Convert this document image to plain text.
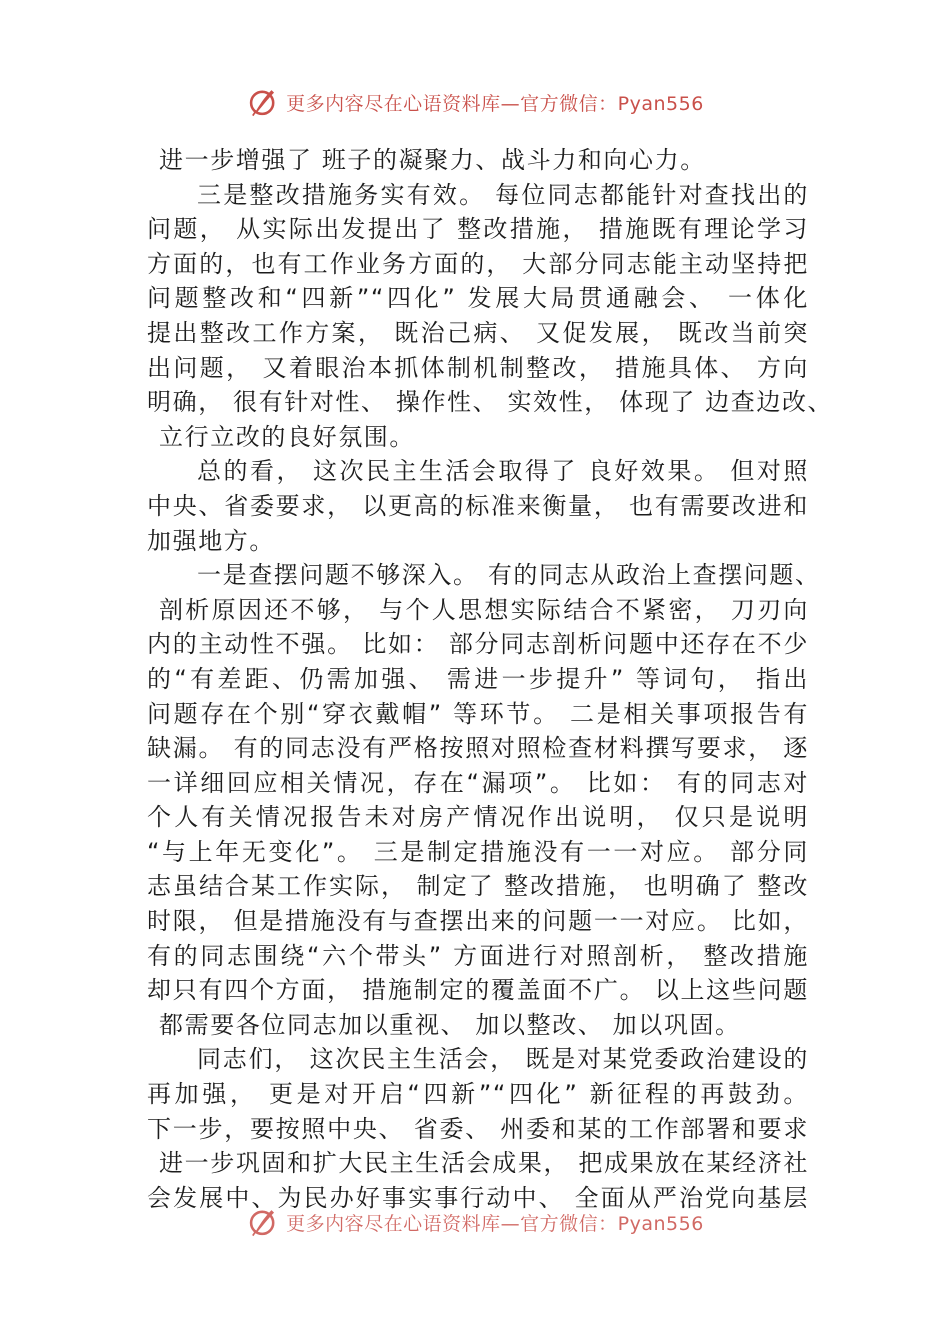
更多内容尽在心语资料库—官方微信：Pyan556
进一步增强了 班子的凝聚力、战斗力和向心力。
三是整改措施务实有效。 每位同志都能针对查找出的
问题， 从实际出发提出了 整改措施， 措施既有理论学习
方面的，也有工作业务方面的， 大部分同志能主动坚持把
问题整改和“四新”“四化” 发展大局贯通融会、 一体化
提出整改工作方案， 既治己病、 又促发展， 既改当前突
出问题， 又着眼治本抓体制机制整改， 措施具体、 方向
明确， 很有针对性、 操作性、 实效性， 体现了 边查边改、
立行立改的良好氛围。
总的看， 这次民主生活会取得了 良好效果。 但对照
中央、省委要求， 以更高的标准来衡量， 也有需要改进和
加强地方。
一是查摆问题不够深入。 有的同志从政治上查摆问题、
剖析原因还不够， 与个人思想实际结合不紧密， 刀刃向
内的主动性不强。 比如： 部分同志剖析问题中还存在不少
的“有差距、仍需加强、 需进一步提升” 等词句， 指出
问题存在个别“穿衣戴帽” 等环节。 二是相关事项报告有
缺漏。 有的同志没有严格按照对照检查材料撰写要求， 逐
一详细回应相关情况，存在“漏项”。 比如： 有的同志对
个人有关情况报告未对房产情况作出说明， 仅只是说明
“与上年无变化”。 三是制定措施没有一一对应。 部分同
志虽结合某工作实际， 制定了 整改措施， 也明确了 整改
时限， 但是措施没有与查摆出来的问题一一对应。 比如，
有的同志围绕“六个带头” 方面进行对照剖析， 整改措施
却只有四个方面， 措施制定的覆盖面不广。 以上这些问题
都需要各位同志加以重视、 加以整改、 加以巩固。
同志们， 这次民主生活会， 既是对某党委政治建设的
再加强， 更是对开启“四新”“四化” 新征程的再鼓劲。
下一步，要按照中央、 省委、 州委和某的工作部署和要求
进一步巩固和扩大民主生活会成果， 把成果放在某经济社
会发展中、为民办好事实事行动中、 全面从严治党向基层
更多内容尽在心语资料库—官方微信：Pyan556
